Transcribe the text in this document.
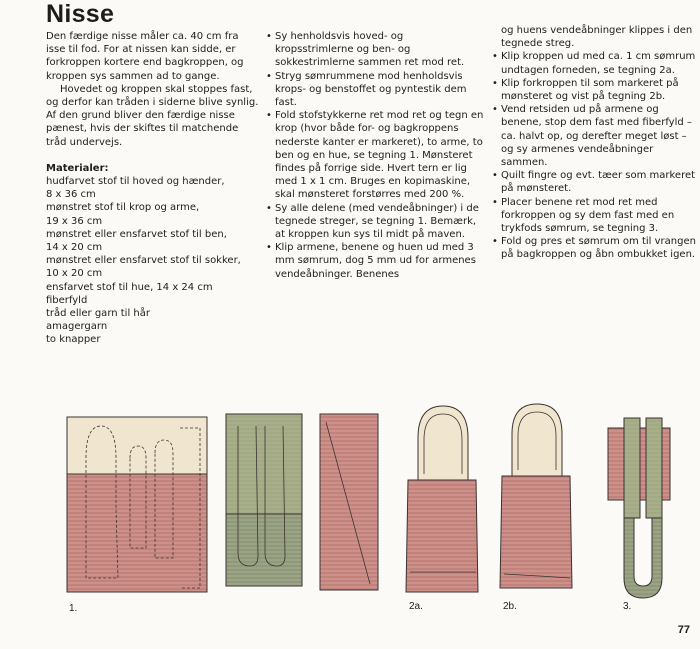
Nisse

Den færdige nisse måler ca. 40 cm fra isse til fod. For at nissen kan sidde, er forkroppen kortere end bagkroppen, og kroppen sys sammen ad to gange.

Hovedet og kroppen skal stoppes fast, og derfor kan tråden i siderne blive synlig. Af den grund bliver den færdige nisse pænest, hvis der skiftes til matchende tråd undervejs.

Materialer:

hudfarvet stof til hoved og hænder,

8 x 36 cm

mønstret stof til krop og arme,

19 x 36 cm

mønstret eller ensfarvet stof til ben,

14 x 20 cm

mønstret eller ensfarvet stof til sokker,

10 x 20 cm

ensfarvet stof til hue, 14 x 24 cm

fiberfyld

tråd eller garn til hår

amagergarn

to knapper

• Sy henholdsvis hoved- og kropsstrimlerne og ben- og sokkestrimlerne sammen ret mod ret.
• Stryg sømrummene mod henholdsvis krops- og benstoffet og pyntestik dem fast.
• Fold stofstykkerne ret mod ret og tegn en krop (hvor både for- og bagkroppens nederste kanter er markeret), to arme, to ben og en hue, se tegning 1. Mønsteret findes på forrige side. Hvert tern er lig med 1 x 1 cm. Bruges en kopimaskine, skal mønsteret forstørres med 200 %.
• Sy alle delene (med vendeåbninger) i de tegnede streger, se tegning 1. Bemærk, at kroppen kun sys til midt på maven.
• Klip armene, benene og huen ud med 3 mm sømrum, dog 5 mm ud for armenes vendeåbninger. Benenes

og huens vendeåbninger klippes i den tegnede streg.

• Klip kroppen ud med ca. 1 cm sømrum undtagen forneden, se tegning 2a.
• Klip forkroppen til som markeret på mønsteret og vist på tegning 2b.
• Vend retsiden ud på armene og benene, stop dem fast med fiberfyld – ca. halvt op, og derefter meget løst – og sy armenes vendeåbninger sammen.
• Quilt fingre og evt. tæer som markeret på mønsteret.
• Placer benene ret mod ret med forkroppen og sy dem fast med en trykfods sømrum, se tegning 3.
• Fold og pres et sømrum om til vrangen på bagkroppen og åbn ombukket igen.
1.	2a.	2b.	3.
77
